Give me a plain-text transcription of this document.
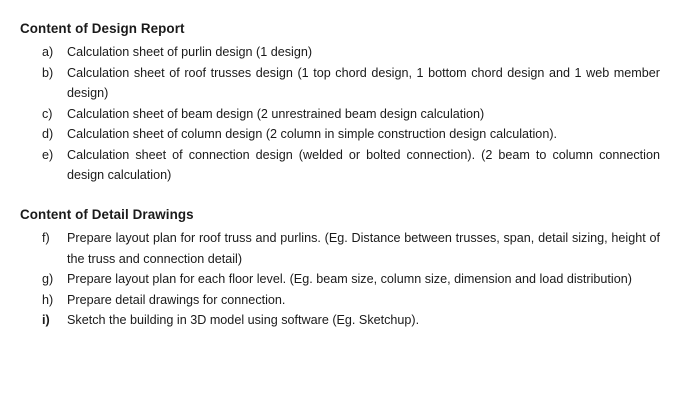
Content of Design Report
a)	Calculation sheet of purlin design (1 design)
b)	Calculation sheet of roof trusses design (1 top chord design, 1 bottom chord design and 1 web member design)
c)	Calculation sheet of beam design (2 unrestrained beam design calculation)
d)	Calculation sheet of column design (2 column in simple construction design calculation).
e)	Calculation sheet of connection design (welded or bolted connection). (2 beam to column connection design calculation)
Content of Detail Drawings
f)	Prepare layout plan for roof truss and purlins. (Eg. Distance between trusses, span, detail sizing, height of the truss and connection detail)
g)	Prepare layout plan for each floor level. (Eg. beam size, column size, dimension and load distribution)
h)	Prepare detail drawings for connection.
i)	Sketch the building in 3D model using software (Eg. Sketchup).
